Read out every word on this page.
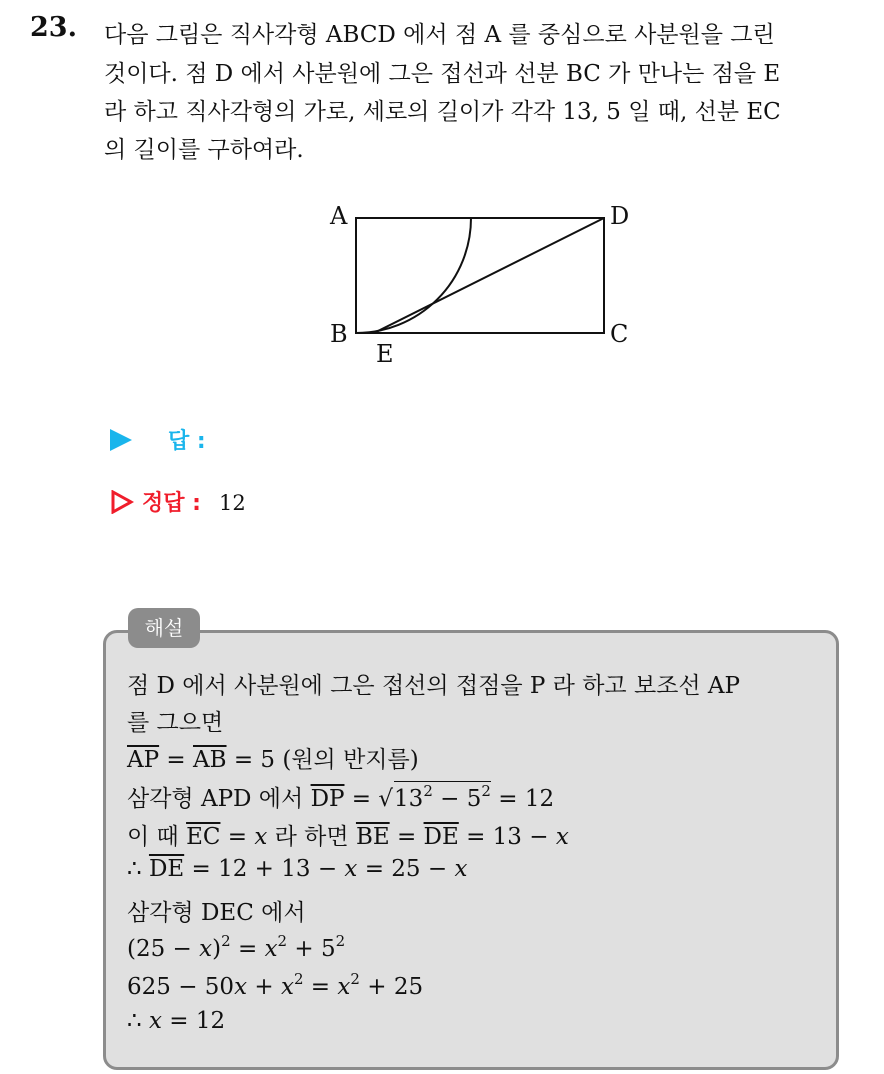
23. 다음 그림은 직사각형 ABCD 에서 점 A 를 중심으로 사분원을 그린
것이다. 점 D 에서 사분원에 그은 접선과 선분 BC 가 만나는 점을 E
라 하고 직사각형의 가로, 세로의 길이가 각각 13, 5 일 때, 선분 EC
의 길이를 구하여라.
A	D
B	C
E
답 :
정답 : 12
해설
점 D 에서 사분원에 그은 접선의 접점을 P 라 하고 보조선 AP
를 그으면
$\overline{AP} = \overline{AB} = 5$ (원의 반지름)
삼각형 APD 에서 $\overline{DP} = √13^2 - 5^2 = 12$
이 때 $\overline{EC} = x$ 라 하면 $\overline{BE} = \overline{DE} = 13 - x$
∴ $\overline{DE} = 12 + 13 - x = 25 - x$
삼각형 DEC 에서
$(25 - x)^2 = x^2 + 5^2$
$625 - 50x + x^2 = x^2 + 25$
∴ x = 12
